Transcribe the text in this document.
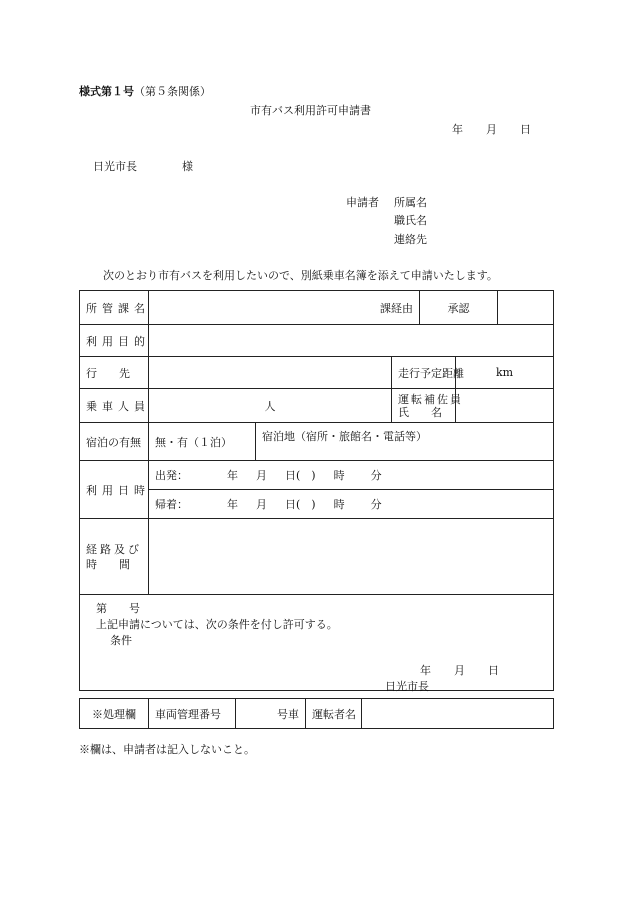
様式第１号（第５条関係）
市有バス利用許可申請書
年 月 日
日光市長	様
申請者 所属名
職氏名
連絡先
次のとおり市有バスを利用したいので、別紙乗車名簿を添えて申請いたします。
所管課名	課経由			承認		
利用目的						
行　　先			走行予定距離		km	
乗車人員	人		運転補佐員
氏　　名			

宿泊の有無	無・有（１泊）	宿泊地（宿所・旅館名・電話等）				
利用日時	出発： 年 月 日(　) 時 分					
	帰着： 年 月 日(　) 時 分					

経路及び
時　　間						

第 号
上記申請については、次の条件を付し許可する。
条件
年 月 日
日光市長						
※処理欄	車両管理番号	号車	運転者名	
※欄は、申請者は記入しないこと。
